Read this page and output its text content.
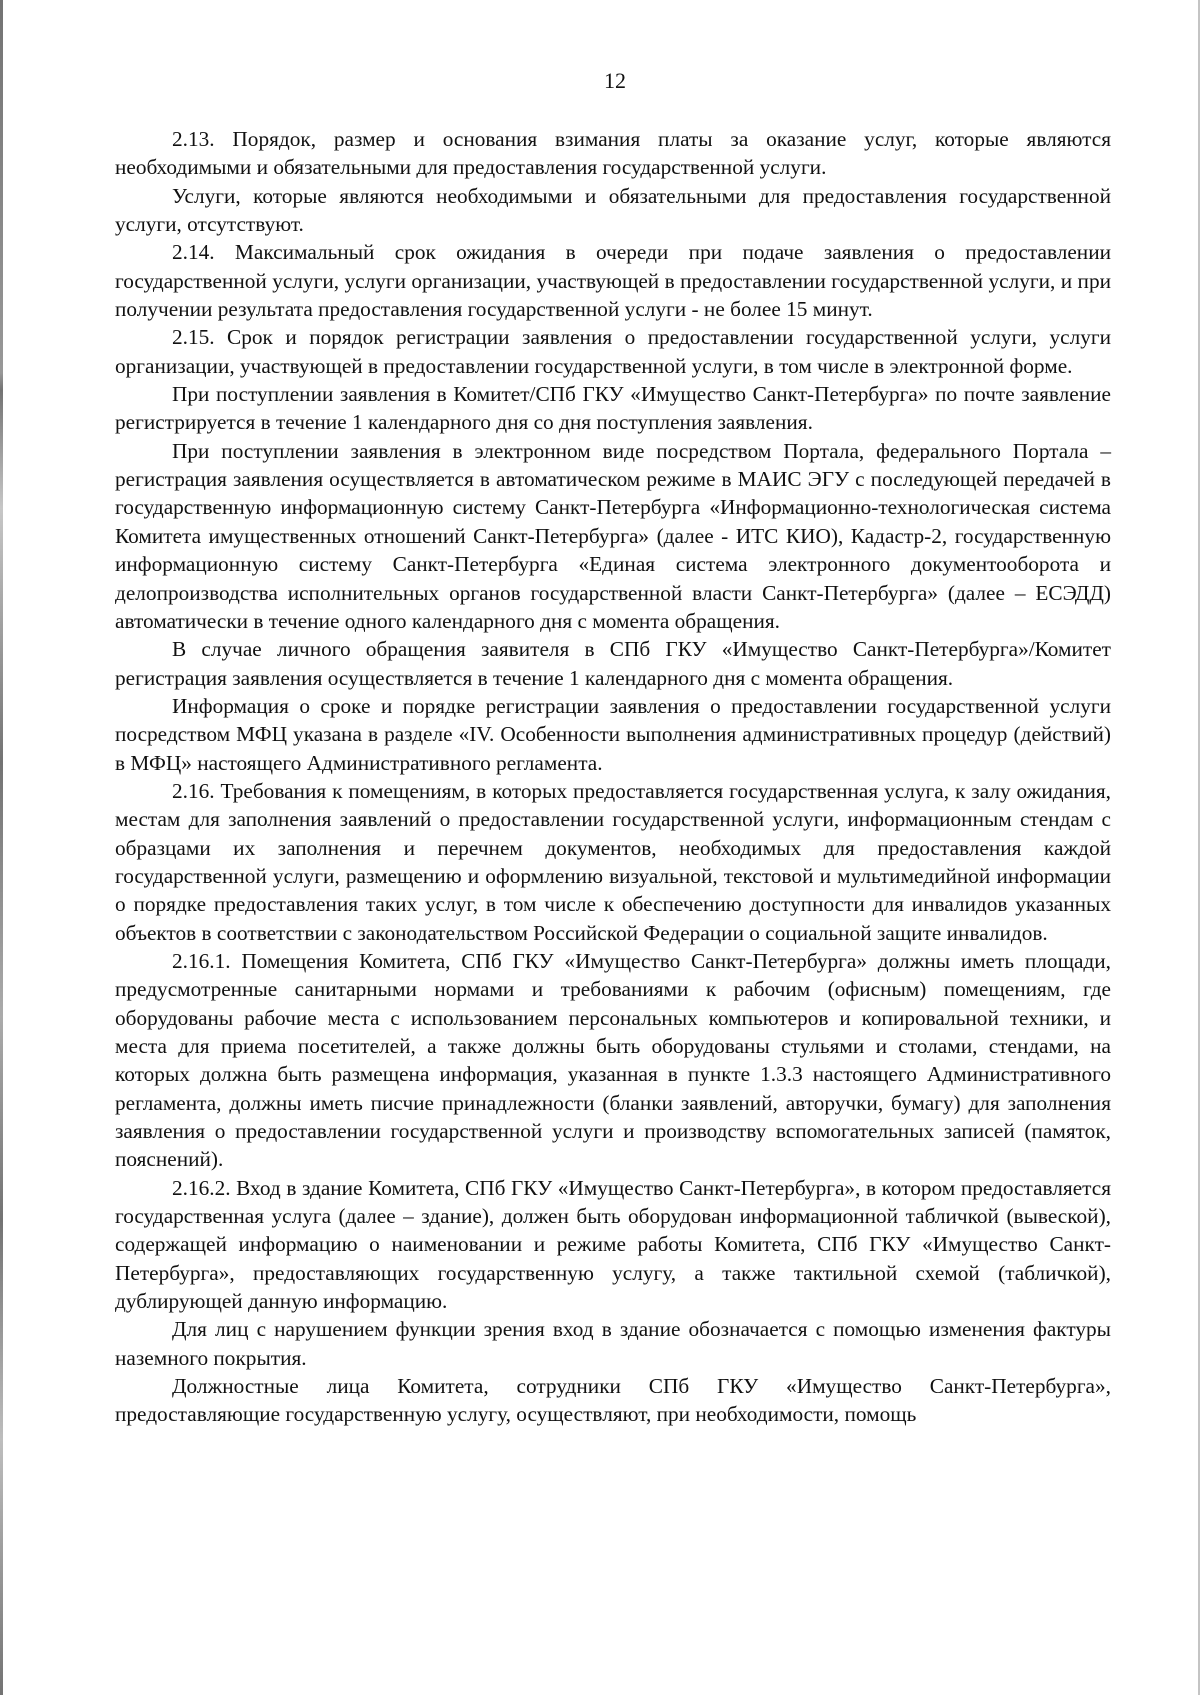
12

2.13. Порядок, размер и основания взимания платы за оказание услуг, которые являются необходимыми и обязательными для предоставления государственной услуги.

Услуги, которые являются необходимыми и обязательными для предоставления государственной услуги, отсутствуют.

2.14. Максимальный срок ожидания в очереди при подаче заявления о предоставлении государственной услуги, услуги организации, участвующей в предоставлении государственной услуги, и при получении результата предоставления государственной услуги - не более 15 минут.

2.15. Срок и порядок регистрации заявления о предоставлении государственной услуги, услуги организации, участвующей в предоставлении государственной услуги, в том числе в электронной форме.

При поступлении заявления в Комитет/СПб ГКУ «Имущество Санкт-Петербурга» по почте заявление регистрируется в течение 1 календарного дня со дня поступления заявления.

При поступлении заявления в электронном виде посредством Портала, федерального Портала – регистрация заявления осуществляется в автоматическом режиме в МАИС ЭГУ с последующей передачей в государственную информационную систему Санкт-Петербурга «Информационно-технологическая система Комитета имущественных отношений Санкт-Петербурга» (далее - ИТС КИО), Кадастр-2, государственную информационную систему Санкт-Петербурга «Единая система электронного документооборота и делопроизводства исполнительных органов государственной власти Санкт-Петербурга» (далее – ЕСЭДД) автоматически в течение одного календарного дня с момента обращения.

В случае личного обращения заявителя в СПб ГКУ «Имущество Санкт-Петербурга»/Комитет регистрация заявления осуществляется в течение 1 календарного дня с момента обращения.

Информация о сроке и порядке регистрации заявления о предоставлении государственной услуги посредством МФЦ указана в разделе «IV. Особенности выполнения административных процедур (действий) в МФЦ» настоящего Административного регламента.

2.16. Требования к помещениям, в которых предоставляется государственная услуга, к залу ожидания, местам для заполнения заявлений о предоставлении государственной услуги, информационным стендам с образцами их заполнения и перечнем документов, необходимых для предоставления каждой государственной услуги, размещению и оформлению визуальной, текстовой и мультимедийной информации о порядке предоставления таких услуг, в том числе к обеспечению доступности для инвалидов указанных объектов в соответствии с законодательством Российской Федерации о социальной защите инвалидов.

2.16.1. Помещения Комитета, СПб ГКУ «Имущество Санкт-Петербурга» должны иметь площади, предусмотренные санитарными нормами и требованиями к рабочим (офисным) помещениям, где оборудованы рабочие места с использованием персональных компьютеров и копировальной техники, и места для приема посетителей, а также должны быть оборудованы стульями и столами, стендами, на которых должна быть размещена информация, указанная в пункте 1.3.3 настоящего Административного регламента, должны иметь писчие принадлежности (бланки заявлений, авторучки, бумагу) для заполнения заявления о предоставлении государственной услуги и производству вспомогательных записей (памяток, пояснений).

2.16.2. Вход в здание Комитета, СПб ГКУ «Имущество Санкт-Петербурга», в котором предоставляется государственная услуга (далее – здание), должен быть оборудован информационной табличкой (вывеской), содержащей информацию о наименовании и режиме работы Комитета, СПб ГКУ «Имущество Санкт-Петербурга», предоставляющих государственную услугу, а также тактильной схемой (табличкой), дублирующей данную информацию.

Для лиц с нарушением функции зрения вход в здание обозначается с помощью изменения фактуры наземного покрытия.

Должностные лица Комитета, сотрудники СПб ГКУ «Имущество Санкт-Петербурга», предоставляющие государственную услугу, осуществляют, при необходимости, помощь
